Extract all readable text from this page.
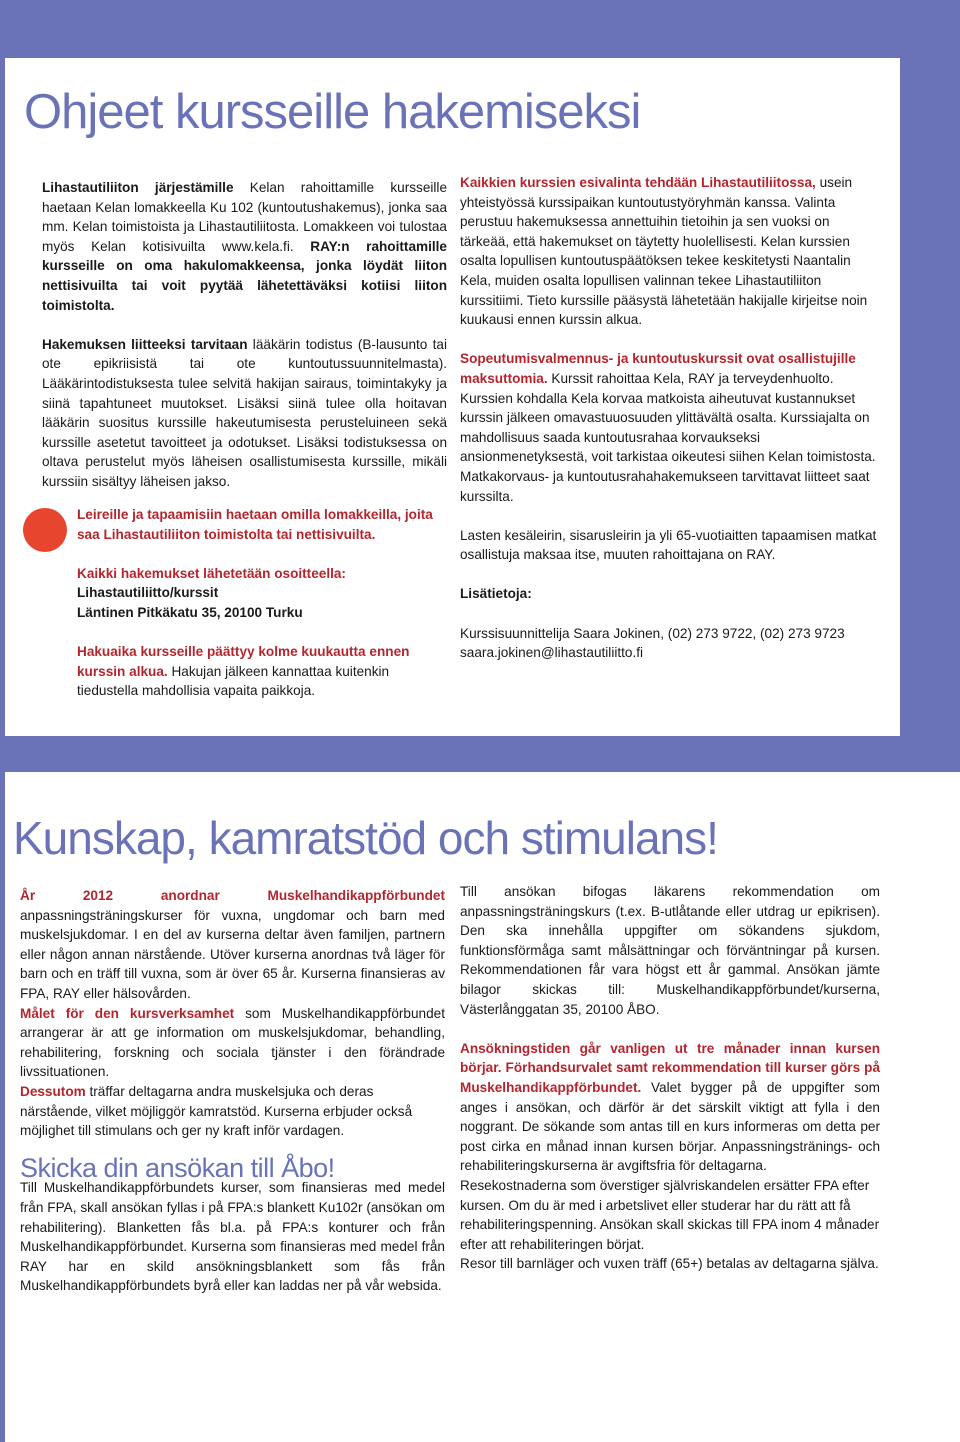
Ohjeet kursseille hakemiseksi

Lihastautiliiton järjestämille Kelan rahoittamille kursseille haetaan Kelan lomakkeella Ku 102 (kuntoutushakemus), jonka saa mm. Kelan toimistoista ja Lihastautiliitosta. Lomakkeen voi tulostaa myös Kelan kotisivuilta www.kela.fi. RAY:n rahoittamille kursseille on oma hakulomakkeensa, jonka löydät liiton nettisivuilta tai voit pyytää lähetettäväksi kotiisi liiton toimistolta.

Hakemuksen liitteeksi tarvitaan lääkärin todistus (B-lausunto tai ote epikriisistä tai ote kuntoutussuunnitelmasta). Lääkärintodistuksesta tulee selvitä hakijan sairaus, toimintakyky ja siinä tapahtuneet muutokset. Lisäksi siinä tulee olla hoitavan lääkärin suositus kurssille hakeutumisesta perusteluineen sekä kurssille asetetut tavoitteet ja odotukset. Lisäksi todistuksessa on oltava perustelut myös läheisen osallistumisesta kurssille, mikäli kurssiin sisältyy läheisen jakso.

Leireille ja tapaamisiin haetaan omilla lomakkeilla, joita saa Lihastautiliiton toimistolta tai nettisivuilta.

Kaikki hakemukset lähetetään osoitteella:
Lihastautiliitto/kurssit
Läntinen Pitkäkatu 35, 20100 Turku

Hakuaika kursseille päättyy kolme kuukautta ennen kurssin alkua. Hakujan jälkeen kannattaa kuitenkin tiedustella mahdollisia vapaita paikkoja.

Kaikkien kurssien esivalinta tehdään Lihastautiliitossa, usein yhteistyössä kurssipaikan kuntoutustyöryhmän kanssa. Valinta perustuu hakemuksessa annettuihin tietoihin ja sen vuoksi on tärkeää, että hakemukset on täytetty huolellisesti. Kelan kurssien osalta lopullisen kuntoutuspäätöksen tekee keskitetysti Naantalin Kela, muiden osalta lopullisen valinnan tekee Lihastautiliiton kurssitiimi. Tieto kurssille pääsystä lähetetään hakijalle kirjeitse noin kuukausi ennen kurssin alkua.

Sopeutumisvalmennus- ja kuntoutuskurssit ovat osallistujille maksuttomia. Kurssit rahoittaa Kela, RAY ja terveydenhuolto. Kurssien kohdalla Kela korvaa matkoista aiheutuvat kustannukset kurssin jälkeen omavastuuosuuden ylittävältä osalta. Kurssiajalta on mahdollisuus saada kuntoutusrahaa korvaukseksi ansionmenetyksestä, voit tarkistaa oikeutesi siihen Kelan toimistosta. Matkakorvaus- ja kuntoutusrahahakemukseen tarvittavat liitteet saat kurssilta.

Lasten kesäleirin, sisarusleirin ja yli 65-vuotiaitten tapaamisen matkat osallistuja maksaa itse, muuten rahoittajana on RAY.

Lisätietoja:

Kurssisuunnittelija Saara Jokinen, (02) 273 9722, (02) 273 9723
saara.jokinen@lihastautiliitto.fi

Kunskap, kamratstöd och stimulans!

År 2012 anordnar Muskelhandikappförbundet anpassningsträningskurser för vuxna, ungdomar och barn med muskelsjukdomar. I en del av kurserna deltar även familjen, partnern eller någon annan närstående. Utöver kurserna anordnas två läger för barn och en träff till vuxna, som är över 65 år. Kurserna finansieras av FPA, RAY eller hälsovården.

Målet för den kursverksamhet som Muskelhandikappförbundet arrangerar är att ge information om muskelsjukdomar, behandling, rehabilitering, forskning och sociala tjänster i den förändrade livssituationen.

Dessutom träffar deltagarna andra muskelsjuka och deras närstående, vilket möjliggör kamratstöd. Kurserna erbjuder också möjlighet till stimulans och ger ny kraft inför vardagen.

Skicka din ansökan till Åbo!

Till Muskelhandikappförbundets kurser, som finansieras med medel från FPA, skall ansökan fyllas i på FPA:s blankett Ku102r (ansökan om rehabilitering). Blanketten fås bl.a. på FPA:s konturer och från Muskelhandikappförbundet. Kurserna som finansieras med medel från RAY har en skild ansökningsblankett som fås från Muskelhandikappförbundets byrå eller kan laddas ner på vår websida.

Till ansökan bifogas läkarens rekommendation om anpassningsträningskurs (t.ex. B-utlåtande eller utdrag ur epikrisen). Den ska innehålla uppgifter om sökandens sjukdom, funktionsförmåga samt målsättningar och förväntningar på kursen. Rekommendationen får vara högst ett år gammal. Ansökan jämte bilagor skickas till: Muskelhandikappförbundet/kurserna, Västerlånggatan 35, 20100 ÅBO.

Ansökningstiden går vanligen ut tre månader innan kursen börjar. Förhandsurvalet samt rekommendation till kurser görs på Muskelhandikappförbundet. Valet bygger på de uppgifter som anges i ansökan, och därför är det särskilt viktigt att fylla i den noggrant. De sökande som antas till en kurs informeras om detta per post cirka en månad innan kursen börjar. Anpassningstränings- och rehabiliteringskurserna är avgiftsfria för deltagarna.

Resekostnaderna som överstiger självriskandelen ersätter FPA efter kursen. Om du är med i arbetslivet eller studerar har du rätt att få rehabiliteringspenning. Ansökan skall skickas till FPA inom 4 månader efter att rehabiliteringen börjat.

Resor till barnläger och vuxen träff (65+) betalas av deltagarna själva.
